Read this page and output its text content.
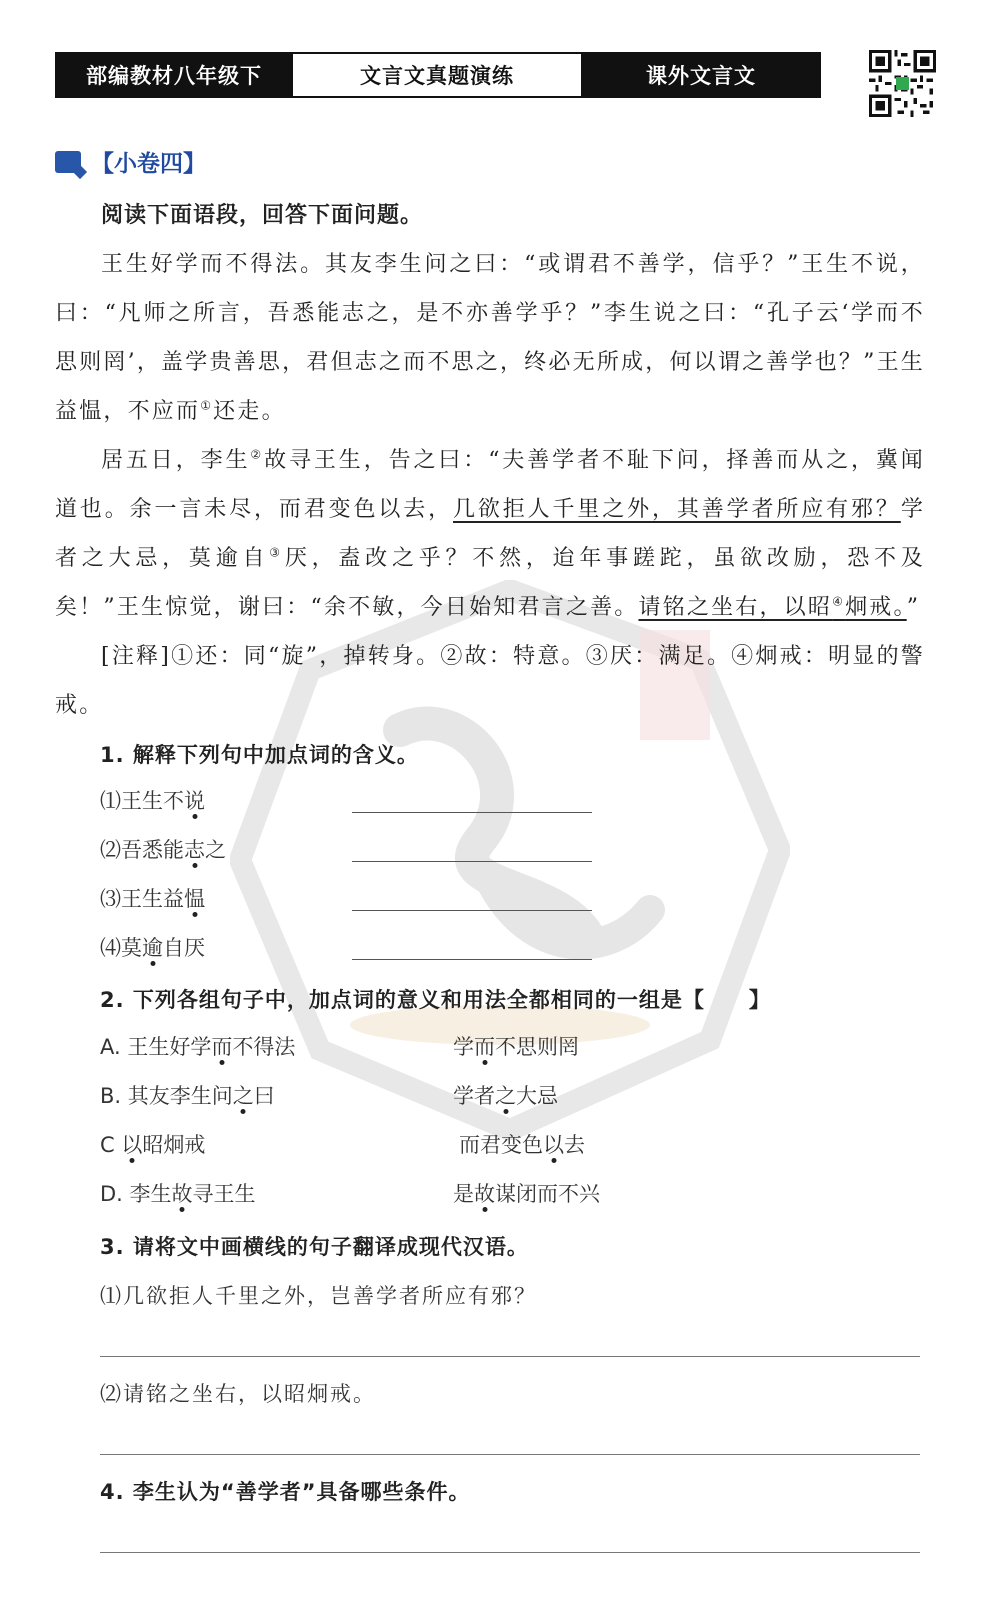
部编教材八年级下	文言文真题演练	课外文言文
【小卷四】
阅读下面语段，回答下面问题。
王生好学而不得法。其友李生问之曰：“或谓君不善学，信乎？”王生不说，曰：“凡师之所言，吾悉能志之，是不亦善学乎？”李生说之曰：“孔子云‘学而不思则罔’，盖学贵善思，君但志之而不思之，终必无所成，何以谓之善学也？”王生益愠，不应而①还走。
居五日，李生②故寻王生，告之曰：“夫善学者不耻下问，择善而从之，冀闻道也。余一言未尽，而君变色以去，几欲拒人千里之外，其善学者所应有邪？学者之大忌，莫逾自③厌，盍改之乎？不然，迨年事蹉跎，虽欲改励，恐不及矣！”王生惊觉，谢曰：“余不敏，今日始知君言之善。请铭之坐右，以昭④炯戒。”
[注释]①还：同“旋”，掉转身。②故：特意。③厌：满足。④炯戒：明显的警戒。
1. 解释下列句中加点词的含义。
⑴王生不说
⑵吾悉能志之
⑶王生益愠
⑷莫逾自厌
2. 下列各组句子中，加点词的意义和用法全都相同的一组是【　　】
A. 王生好学而不得法	学而不思则罔
B. 其友李生问之曰	学者之大忌
C 以昭炯戒	而君变色以去
D. 李生故寻王生	是故谋闭而不兴
3. 请将文中画横线的句子翻译成现代汉语。
⑴几欲拒人千里之外，岂善学者所应有邪？
⑵请铭之坐右，以昭炯戒。
4. 李生认为“善学者”具备哪些条件。
